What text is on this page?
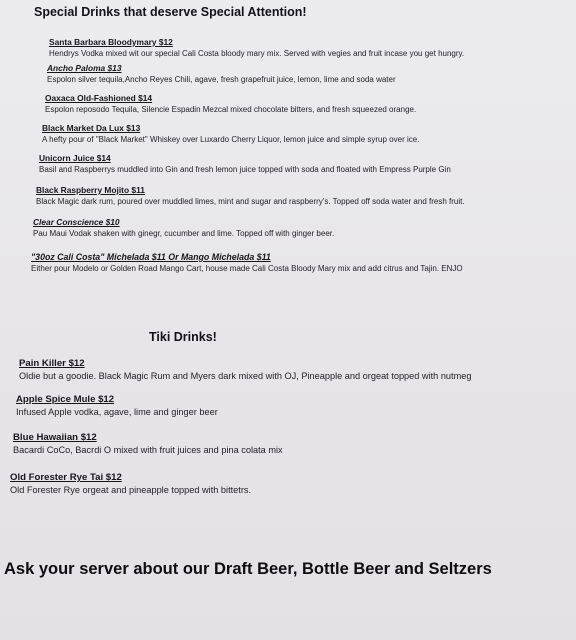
Special Drinks that deserve Special Attention!
Santa Barbara Bloodymary $12
Hendrys Vodka mixed wit our special Cali Costa bloody mary mix. Served with vegies and fruit incase you get hungry.
Ancho Paloma $13
Espolon silver tequila,Ancho Reyes Chili, agave, fresh grapefruit juice, lemon, lime and soda water
Oaxaca Old-Fashioned $14
Espolon reposodo Tequila, Silencie Espadin Mezcal mixed chocolate bitters, and fresh squeezed orange.
Black Market Da Lux $13
A hefty pour of "Black Market" Whiskey over Luxardo Cherry Liquor, lemon juice and simple syrup over ice.
Unicorn Juice $14
Basil and Raspberrys muddled into Gin and fresh lemon juice topped with soda and floated with Empress Purple Gin
Black Raspberry Mojito $11
Black Magic dark rum, poured over muddled limes, mint and sugar and raspberry's. Topped off soda water and fresh fruit.
Clear Conscience $10
Pau Maui Vodak shaken with ginegr, cucumber and lime. Topped off with ginger beer.
"30oz Cali Costa" Michelada $11 Or Mango Michelada $11
Either pour Modelo or Golden Road Mango Cart, house made Cali Costa Bloody Mary mix and add citrus and Tajin. ENJO
Tiki Drinks!
Pain Killer $12
Oldie but a goodie. Black Magic Rum and Myers dark mixed with OJ, Pineapple and orgeat topped with nutmeg
Apple Spice Mule $12
Infused Apple vodka, agave, lime and ginger beer
Blue Hawaiian $12
Bacardi CoCo, Bacrdi O mixed with fruit juices and pina colata mix
Old Forester Rye Tai $12
Old Forester Rye orgeat and pineapple topped with bittetrs.
Ask your server about our Draft Beer, Bottle Beer and Seltzers
